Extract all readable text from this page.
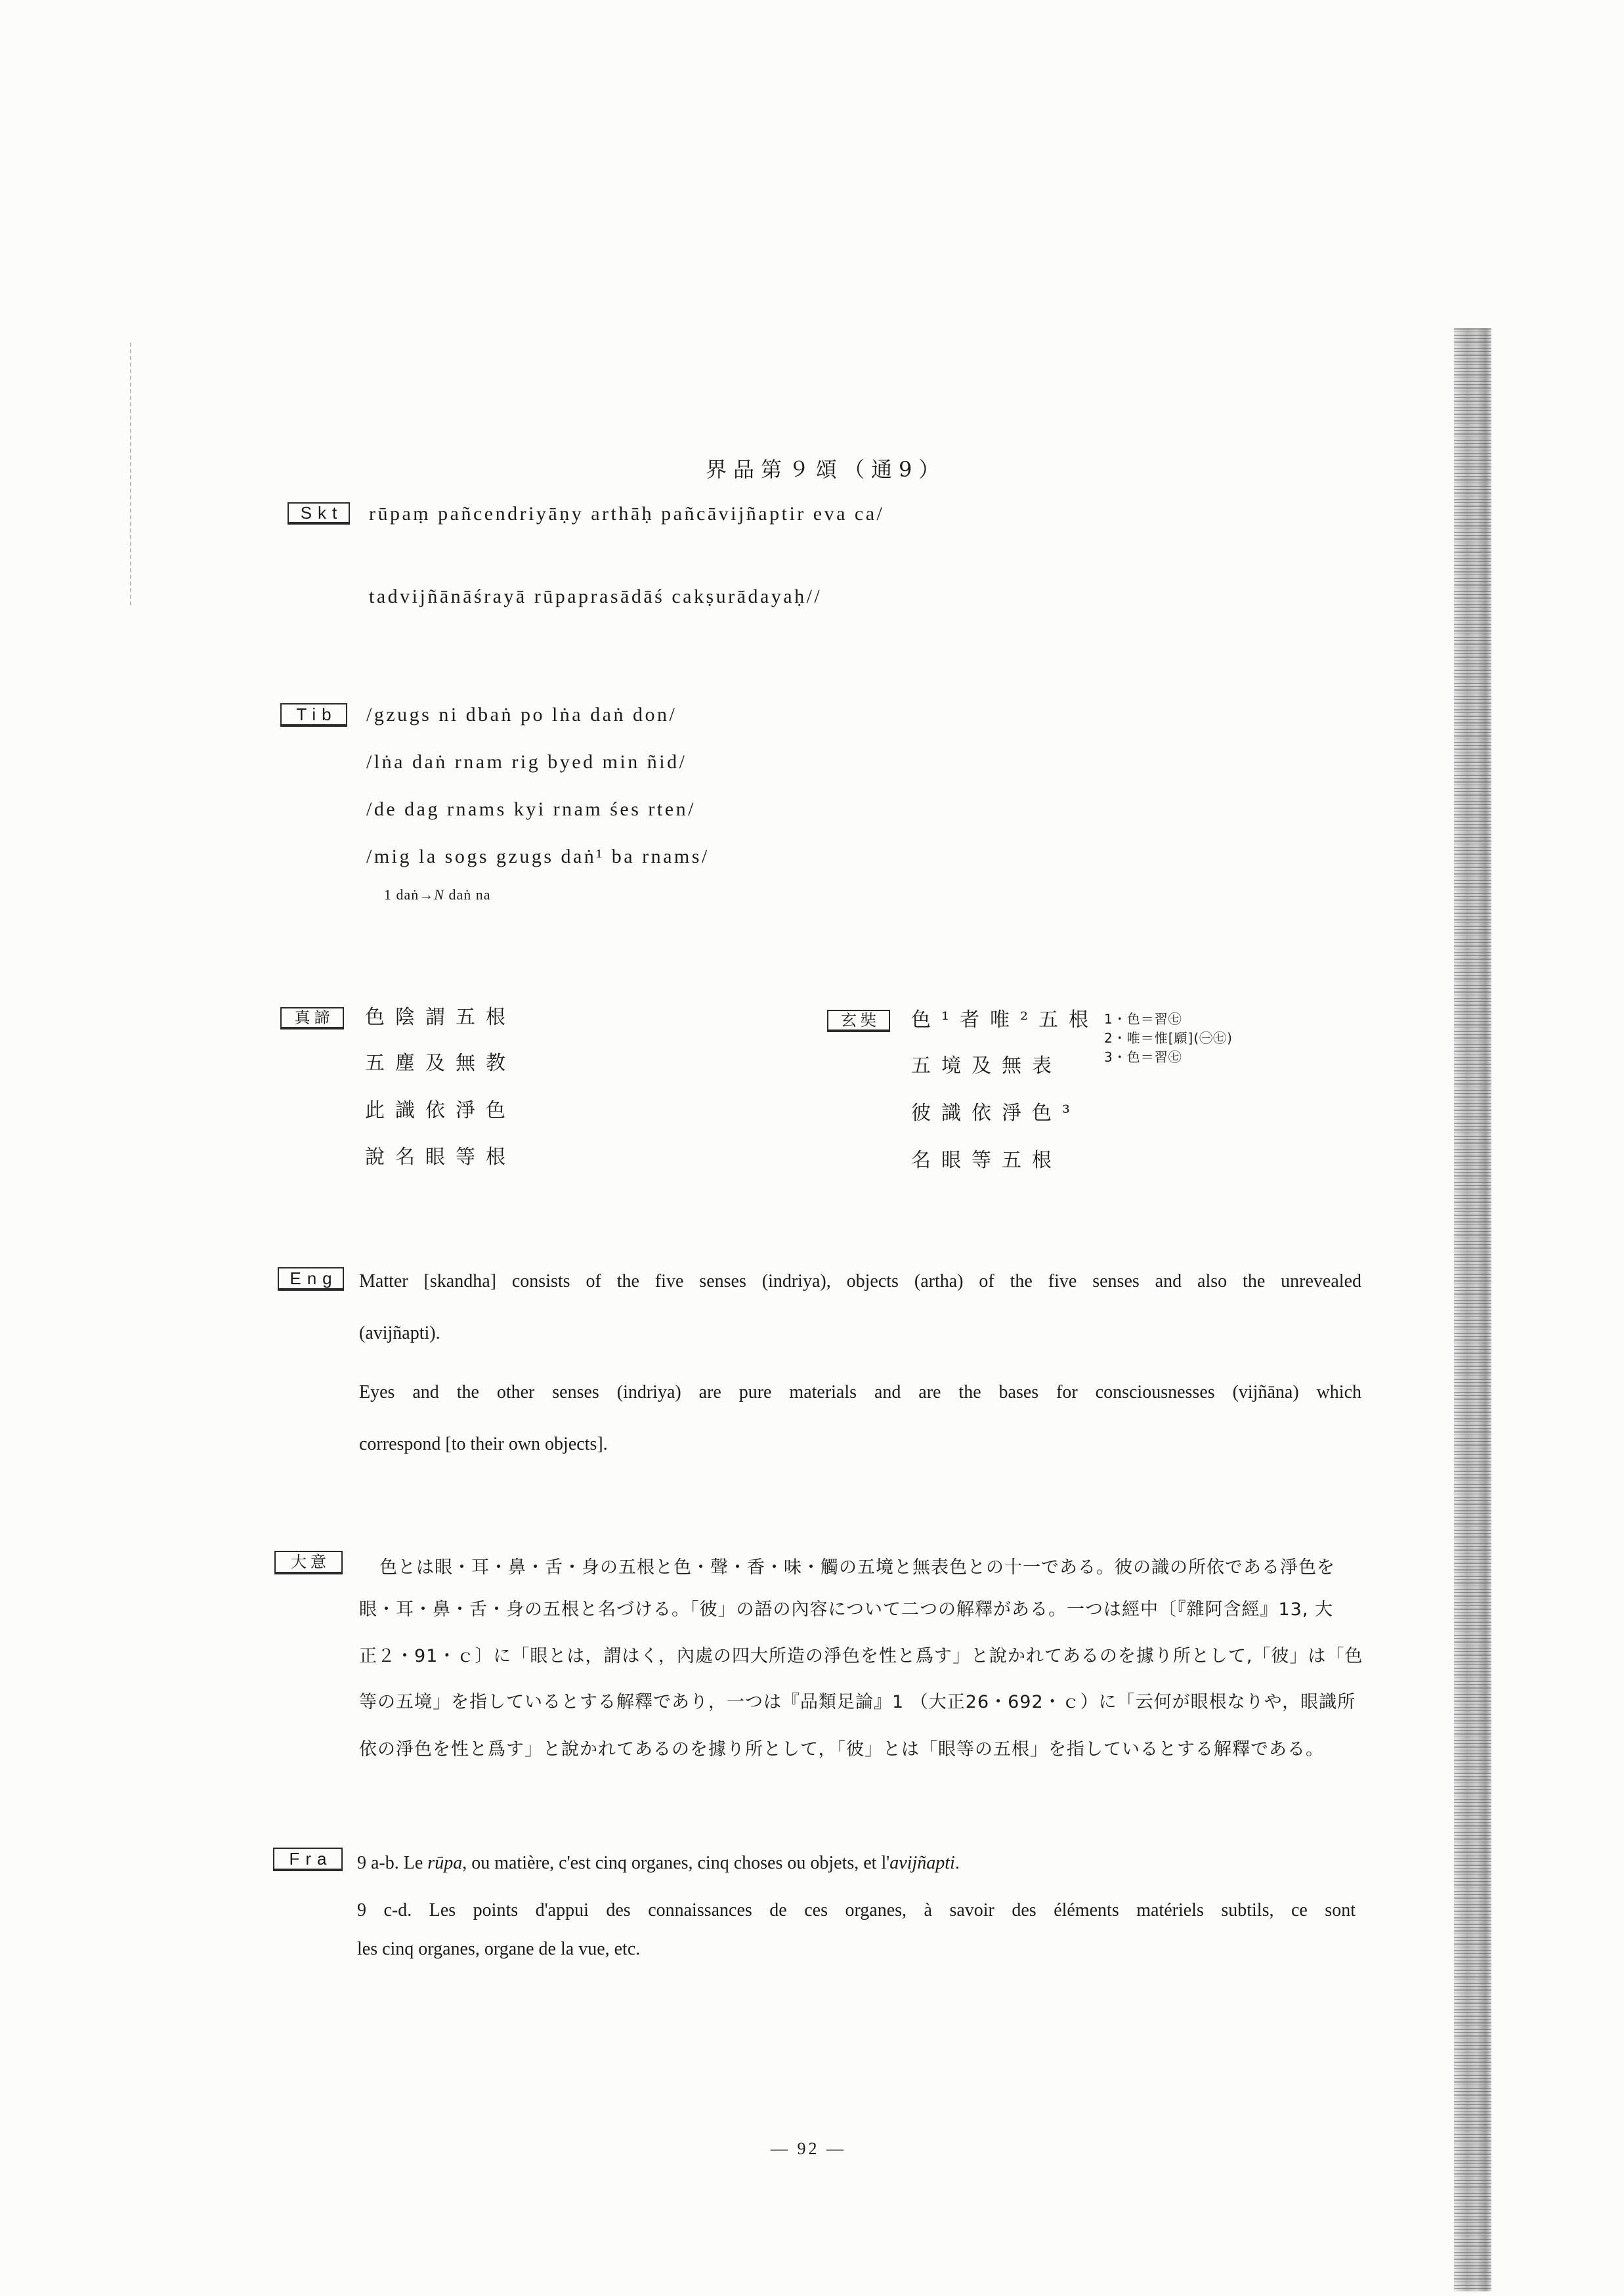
界品第９頌（通9）
Skt	rūpaṃ pañcendriyāṇy arthāḥ pañcāvijñaptir eva ca/
tadvijñānāśrayā rūpaprasādāś cakṣurādayaḥ//
Tib	/gzugs ni dbaṅ po lṅa daṅ don/
/lṅa daṅ rnam rig byed min ñid/
/de dag rnams kyi rnam śes rten/
/mig la sogs gzugs daṅ¹ ba rnams/
1 daṅ→N daṅ na
真諦	色陰謂五根
五塵及無教
此識依淨色
說名眼等根
玄奘	色¹者唯²五根
五境及無表
彼識依淨色³
名眼等五根
1・色＝習㊆
2・唯＝惟[願](㊀㊆)
3・色＝習㊆
Eng	Matter [skandha] consists of the five senses (indriya), objects (artha) of the five senses and also the unrevealed
(avijñapti).
Eyes and the other senses (indriya) are pure materials and are the bases for consciousnesses (vijñāna) which
correspond [to their own objects].
大意	色とは眼・耳・鼻・舌・身の五根と色・聲・香・味・觸の五境と無表色との十一である。彼の識の所依である淨色を
眼・耳・鼻・舌・身の五根と名づける。「彼」の語の內容について二つの解釋がある。一つは經中〔『雜阿含經』13, 大
正２・91・ｃ〕に「眼とは，謂はく，內處の四大所造の淨色を性と爲す」と說かれてあるのを據り所として,「彼」は「色
等の五境」を指しているとする解釋であり，一つは『品類足論』1 （大正26・692・ｃ）に「云何が眼根なりや，眼識所
依の淨色を性と爲す」と說かれてあるのを據り所として，「彼」とは「眼等の五根」を指しているとする解釋である。
Fra	9 a-b. Le rūpa, ou matière, c'est cinq organes, cinq choses ou objets, et l'avijñapti.
9 c-d. Les points d'appui des connaissances de ces organes, à savoir des éléments matériels subtils, ce sont
les cinq organes, organe de la vue, etc.
— 92 —
